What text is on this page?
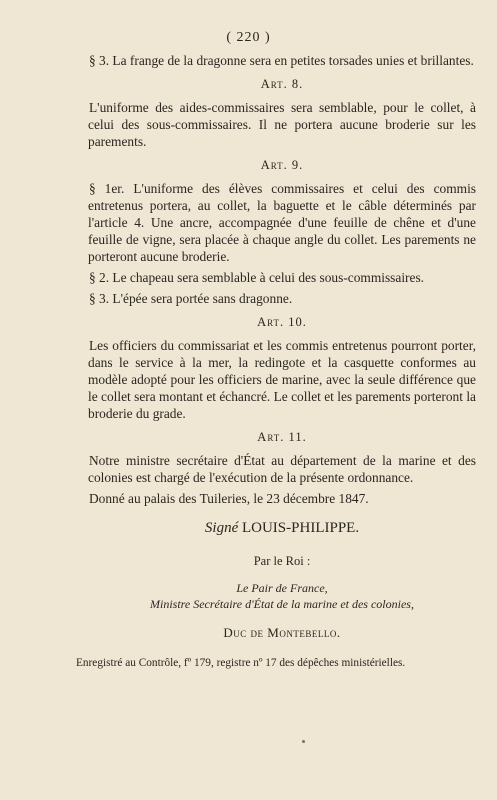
( 220 )

§ 3. La frange de la dragonne sera en petites torsades unies et brillantes.

Art. 8.

L'uniforme des aides-commissaires sera semblable, pour le collet, à celui des sous-commissaires. Il ne portera aucune broderie sur les parements.

Art. 9.

§ 1er. L'uniforme des élèves commissaires et celui des commis entretenus portera, au collet, la baguette et le câble déterminés par l'article 4. Une ancre, accompagnée d'une feuille de chêne et d'une feuille de vigne, sera placée à chaque angle du collet. Les parements ne porteront aucune broderie.

§ 2. Le chapeau sera semblable à celui des sous-commissaires.

§ 3. L'épée sera portée sans dragonne.

Art. 10.

Les officiers du commissariat et les commis entretenus pourront porter, dans le service à la mer, la redingote et la casquette conformes au modèle adopté pour les officiers de marine, avec la seule différence que le collet sera montant et échancré. Le collet et les parements porteront la broderie du grade.

Art. 11.

Notre ministre secrétaire d'État au département de la marine et des colonies est chargé de l'exécution de la présente ordonnance.

Donné au palais des Tuileries, le 23 décembre 1847.

Signé LOUIS-PHILIPPE.
Par le Roi :
Le Pair de France,
Ministre Secrétaire d'État de la marine et des colonies,
Duc de Montebello.
Enregistré au Contrôle, fº 179, registre nº 17 des dépêches ministérielles.
